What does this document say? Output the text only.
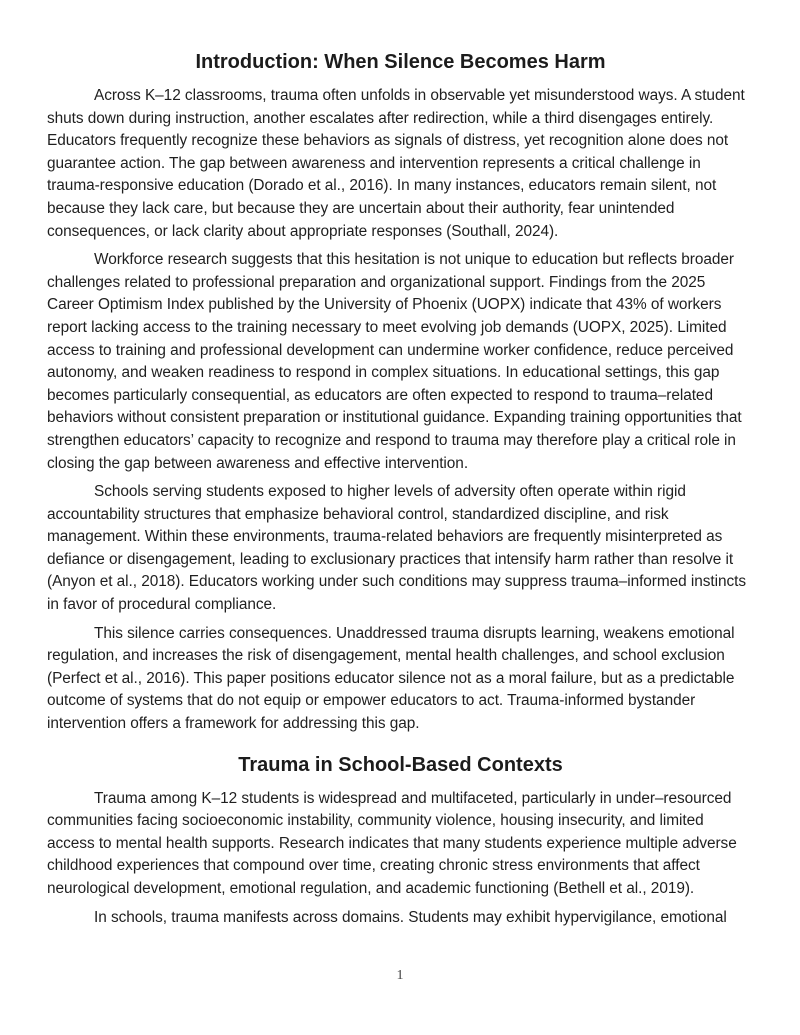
Introduction: When Silence Becomes Harm

Across K–12 classrooms, trauma often unfolds in observable yet misunderstood ways. A student shuts down during instruction, another escalates after redirection, while a third disengages entirely. Educators frequently recognize these behaviors as signals of distress, yet recognition alone does not guarantee action. The gap between awareness and intervention represents a critical challenge in trauma-responsive education (Dorado et al., 2016). In many instances, educators remain silent, not because they lack care, but because they are uncertain about their authority, fear unintended consequences, or lack clarity about appropriate responses (Southall, 2024).

Workforce research suggests that this hesitation is not unique to education but reflects broader challenges related to professional preparation and organizational support. Findings from the 2025 Career Optimism Index published by the University of Phoenix (UOPX) indicate that 43% of workers report lacking access to the training necessary to meet evolving job demands (UOPX, 2025). Limited access to training and professional development can undermine worker confidence, reduce perceived autonomy, and weaken readiness to respond in complex situations. In educational settings, this gap becomes particularly consequential, as educators are often expected to respond to trauma–related behaviors without consistent preparation or institutional guidance. Expanding training opportunities that strengthen educators’ capacity to recognize and respond to trauma may therefore play a critical role in closing the gap between awareness and effective intervention.

Schools serving students exposed to higher levels of adversity often operate within rigid accountability structures that emphasize behavioral control, standardized discipline, and risk management. Within these environments, trauma-related behaviors are frequently misinterpreted as defiance or disengagement, leading to exclusionary practices that intensify harm rather than resolve it (Anyon et al., 2018). Educators working under such conditions may suppress trauma–informed instincts in favor of procedural compliance.

This silence carries consequences. Unaddressed trauma disrupts learning, weakens emotional regulation, and increases the risk of disengagement, mental health challenges, and school exclusion (Perfect et al., 2016). This paper positions educator silence not as a moral failure, but as a predictable outcome of systems that do not equip or empower educators to act. Trauma-informed bystander intervention offers a framework for addressing this gap.

Trauma in School-Based Contexts

Trauma among K–12 students is widespread and multifaceted, particularly in under–resourced communities facing socioeconomic instability, community violence, housing insecurity, and limited access to mental health supports. Research indicates that many students experience multiple adverse childhood experiences that compound over time, creating chronic stress environments that affect neurological development, emotional regulation, and academic functioning (Bethell et al., 2019).

In schools, trauma manifests across domains. Students may exhibit hypervigilance, emotional

1
